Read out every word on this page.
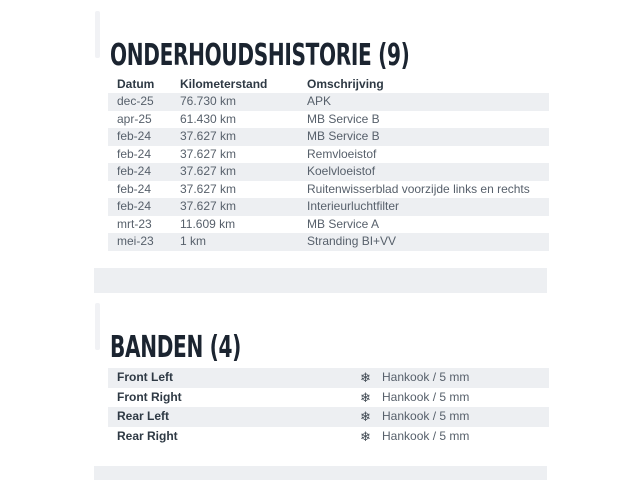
ONDERHOUDSHISTORIE (9)
Datum	Kilometerstand	Omschrijving
dec-25	76.730 km	APK
apr-25	61.430 km	MB Service B
feb-24	37.627 km	MB Service B
feb-24	37.627 km	Remvloeistof
feb-24	37.627 km	Koelvloeistof
feb-24	37.627 km	Ruitenwisserblad voorzijde links en rechts
feb-24	37.627 km	Interieurluchtfilter
mrt-23	11.609 km	MB Service A
mei-23	1 km	Stranding BI+VV
BANDEN (4)
Front Left	❄ Hankook / 5 mm
Front Right	❄ Hankook / 5 mm
Rear Left	❄ Hankook / 5 mm
Rear Right	❄ Hankook / 5 mm
